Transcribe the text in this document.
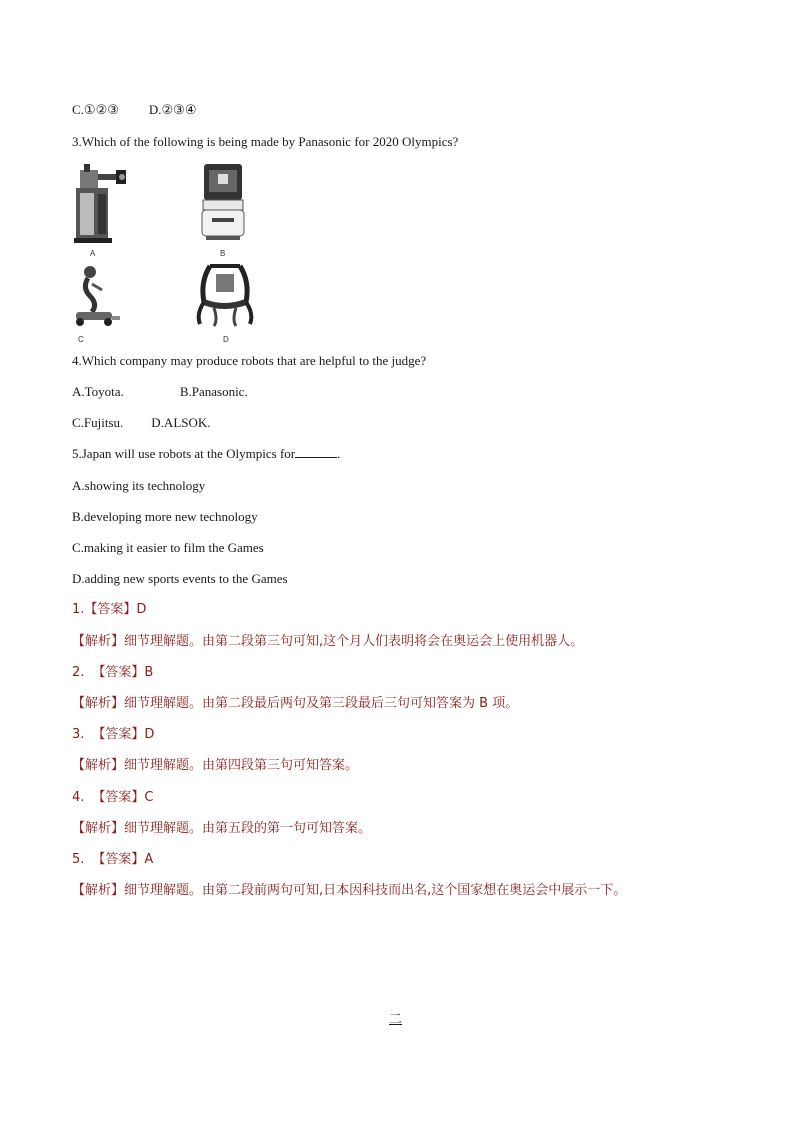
C.①②③ D.②③④
3.Which of the following is being made by Panasonic for 2020 Olympics?
A	B
C	D
4.Which company may produce robots that are helpful to the judge?
A.Toyota.	B.Panasonic.
C.Fujitsu. D.ALSOK.
5.Japan will use robots at the Olympics for	.
A.showing its technology
B.developing more new technology
C.making it easier to film the Games
D.adding new sports events to the Games
1.【答案】D
【解析】细节理解题。由第二段第三句可知,这个月人们表明将会在奥运会上使用机器人。
2. 【答案】B
【解析】细节理解题。由第二段最后两句及第三段最后三句可知答案为 B 项。
3. 【答案】D
【解析】细节理解题。由第四段第三句可知答案。
4. 【答案】C
【解析】细节理解题。由第五段的第一句可知答案。
5. 【答案】A
【解析】细节理解题。由第二段前两句可知,日本因科技而出名,这个国家想在奥运会中展示一下。
二
